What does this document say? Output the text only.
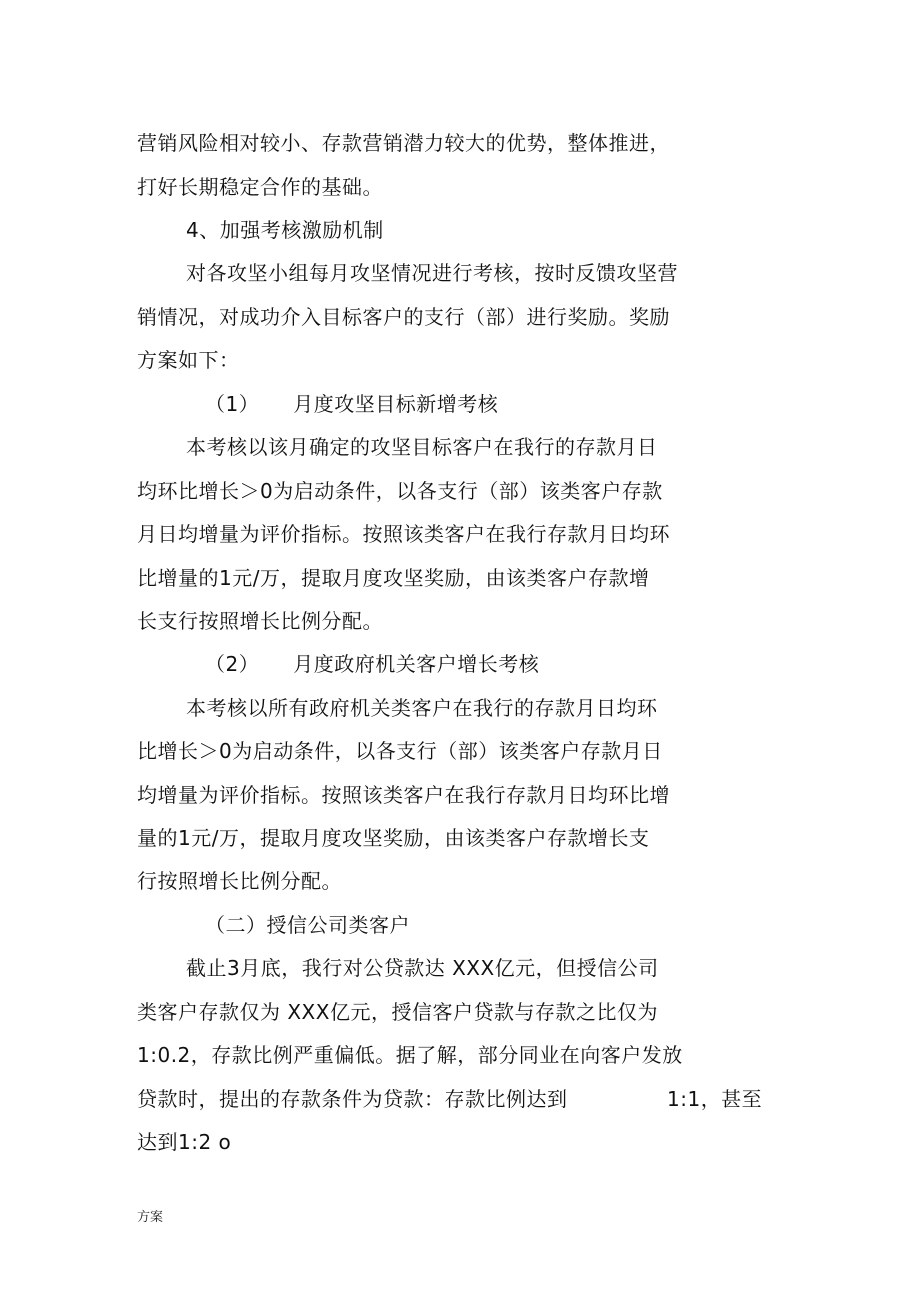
营销风险相对较小、存款营销潜力较大的优势，整体推进，
打好长期稳定合作的基础。
4、加强考核激励机制
对各攻坚小组每月攻坚情况进行考核，按时反馈攻坚营
销情况，对成功介入目标客户的支行（部）进行奖励。奖励
方案如下：
（1） 月度攻坚目标新增考核
本考核以该月确定的攻坚目标客户在我行的存款月日
均环比增长＞0为启动条件，以各支行（部）该类客户存款
月日均增量为评价指标。按照该类客户在我行存款月日均环
比增量的1元/万，提取月度攻坚奖励，由该类客户存款增
长支行按照增长比例分配。
（2） 月度政府机关客户增长考核
本考核以所有政府机关类客户在我行的存款月日均环
比增长＞0为启动条件，以各支行（部）该类客户存款月日
均增量为评价指标。按照该类客户在我行存款月日均环比增
量的1元/万，提取月度攻坚奖励，由该类客户存款增长支
行按照增长比例分配。
（二）授信公司类客户
截止3月底，我行对公贷款达 XXX亿元，但授信公司
类客户存款仅为 XXX亿元，授信客户贷款与存款之比仅为
1:0.2，存款比例严重偏低。据了解，部分同业在向客户发放
贷款时，提出的存款条件为贷款：存款比例达到	1:1，甚至
达到1:2 o
方案
